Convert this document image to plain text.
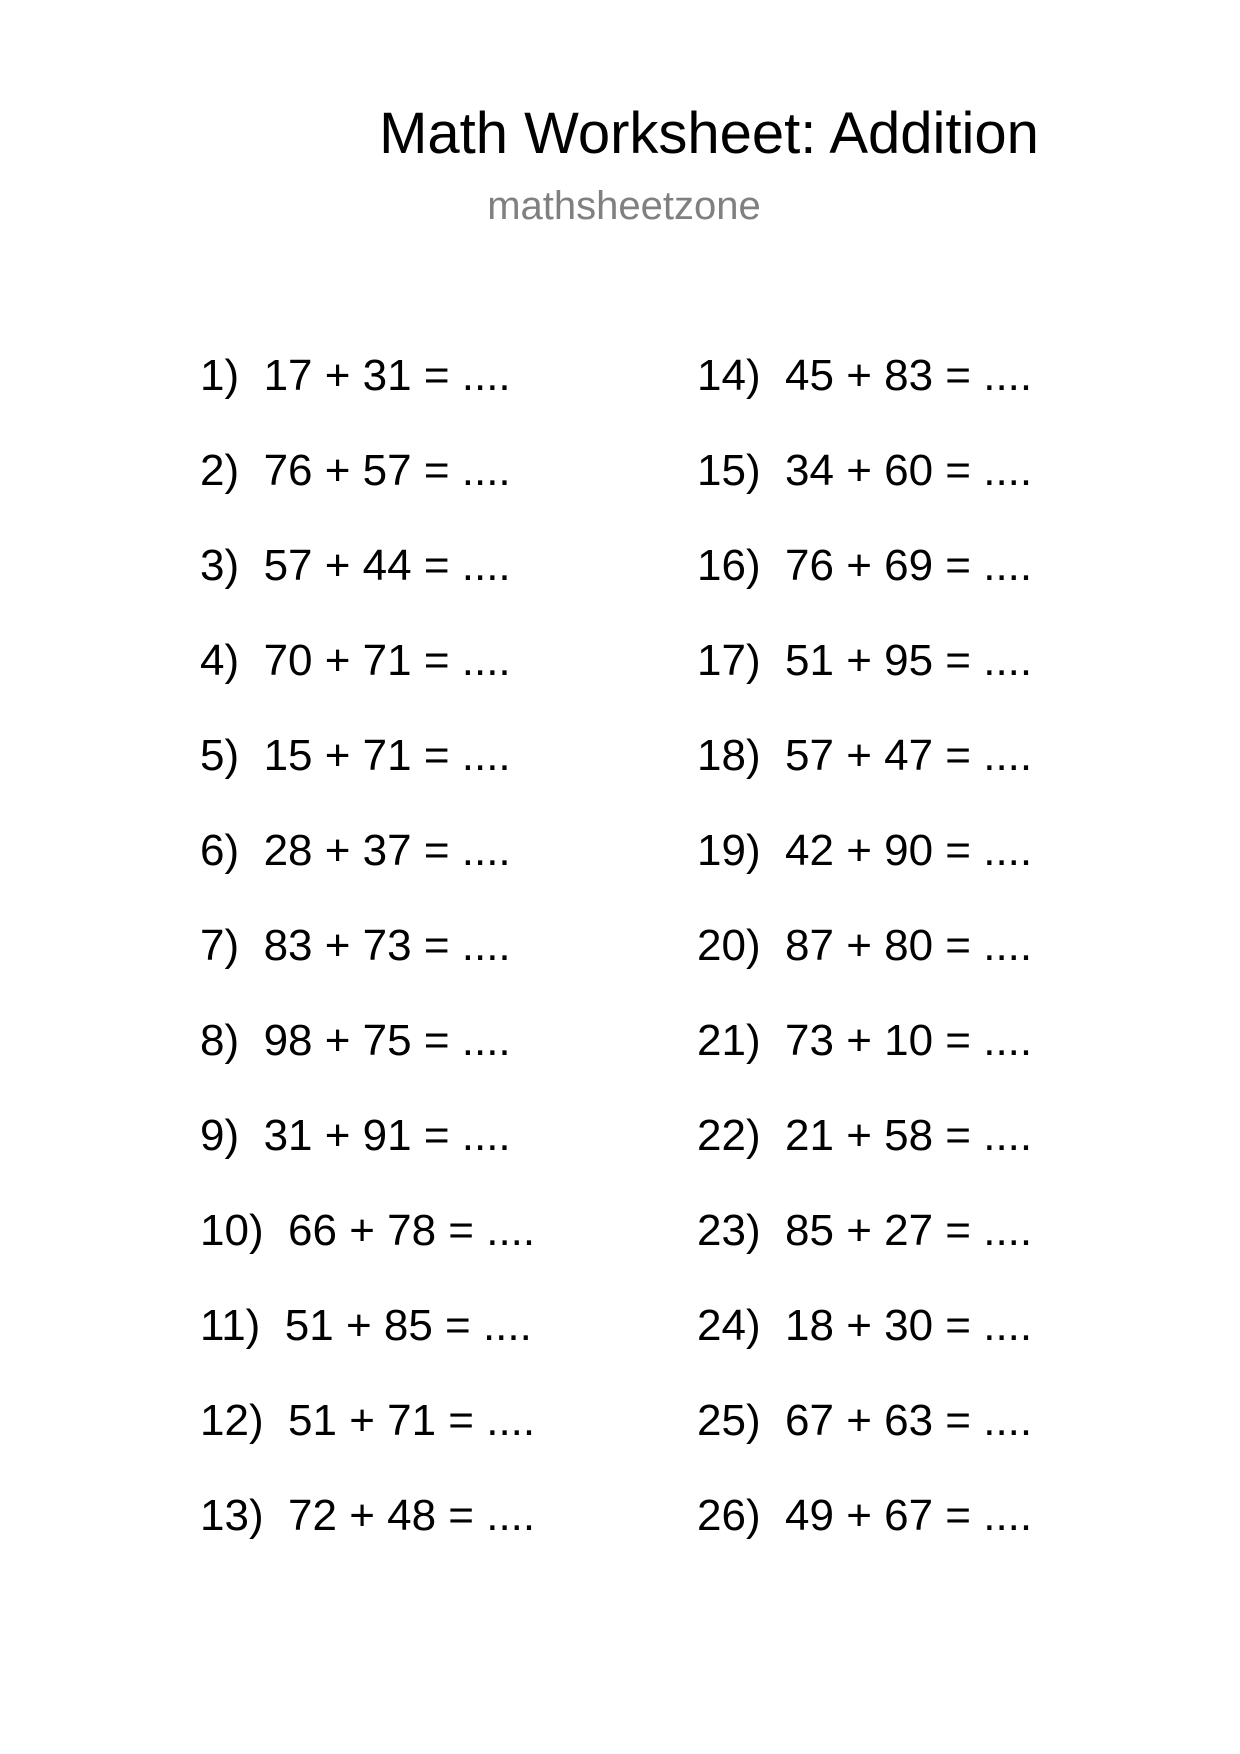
Math Worksheet: Addition
mathsheetzone
1)  17 + 31 = ....
2)  76 + 57 = ....
3)  57 + 44 = ....
4)  70 + 71 = ....
5)  15 + 71 = ....
6)  28 + 37 = ....
7)  83 + 73 = ....
8)  98 + 75 = ....
9)  31 + 91 = ....
10)  66 + 78 = ....
11)  51 + 85 = ....
12)  51 + 71 = ....
13)  72 + 48 = ....
14)  45 + 83 = ....
15)  34 + 60 = ....
16)  76 + 69 = ....
17)  51 + 95 = ....
18)  57 + 47 = ....
19)  42 + 90 = ....
20)  87 + 80 = ....
21)  73 + 10 = ....
22)  21 + 58 = ....
23)  85 + 27 = ....
24)  18 + 30 = ....
25)  67 + 63 = ....
26)  49 + 67 = ....
